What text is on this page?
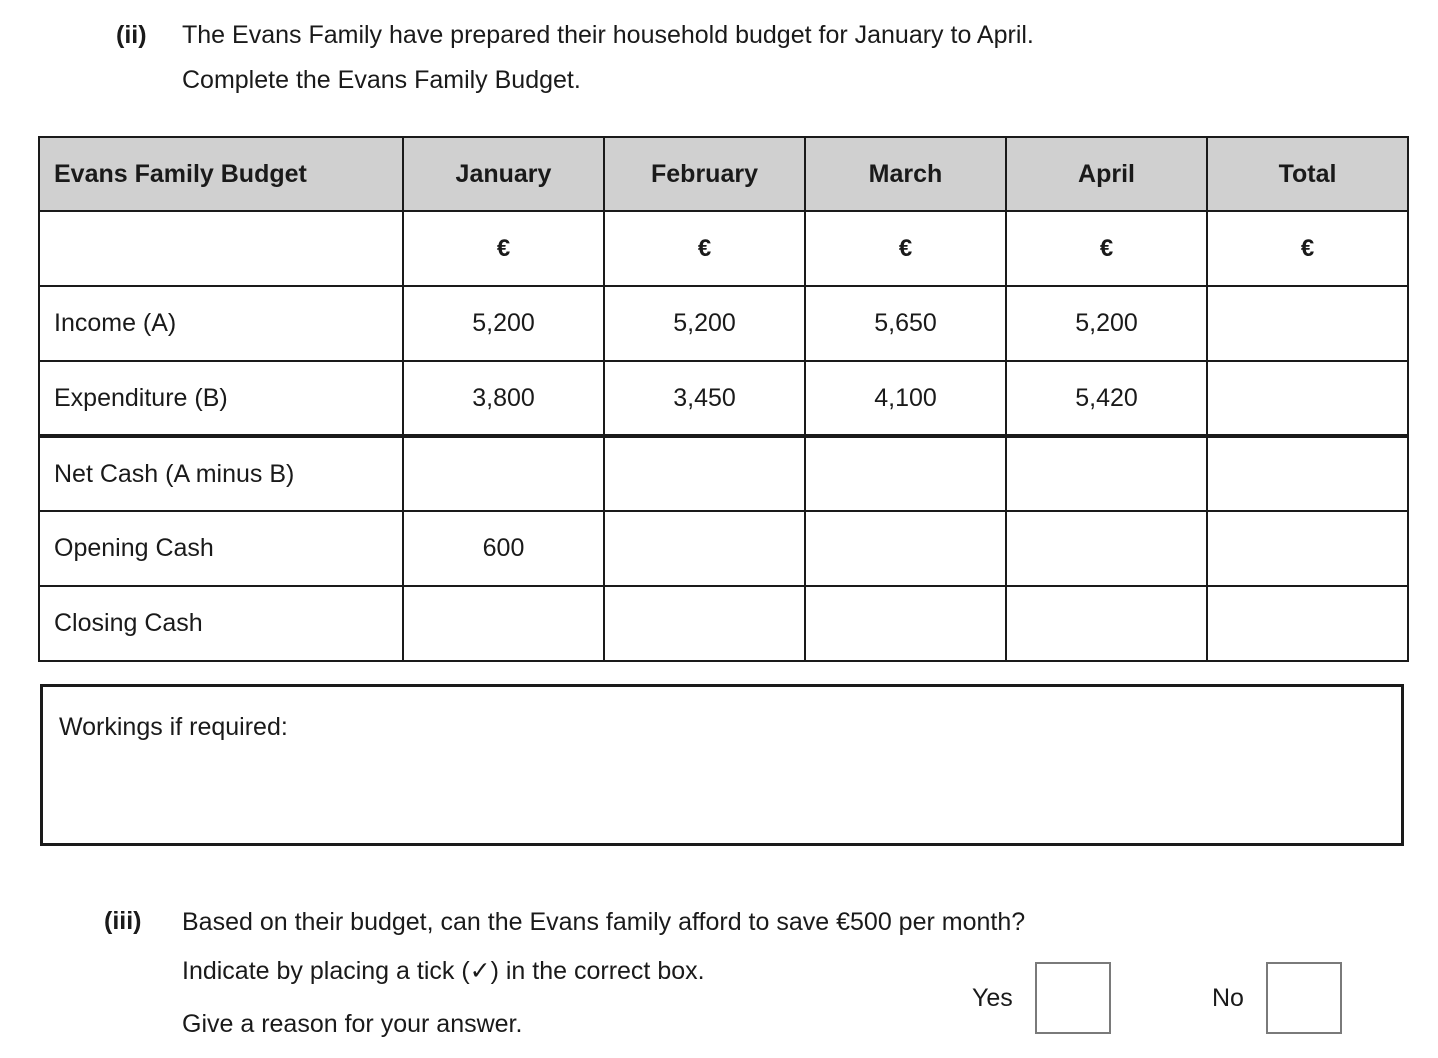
(ii)	The Evans Family have prepared their household budget for January to April.
Complete the Evans Family Budget.
Evans Family Budget	January	February	March	April	Total
	€	€	€	€	€
Income (A)	5,200	5,200	5,650	5,200	
Expenditure (B)	3,800	3,450	4,100	5,420	
Net Cash (A minus B)					
Opening Cash	600				
Closing Cash					
Workings if required:
(iii)	Based on their budget, can the Evans family afford to save €500 per month?
Indicate by placing a tick (✓) in the correct box.
Give a reason for your answer.
Yes	No
